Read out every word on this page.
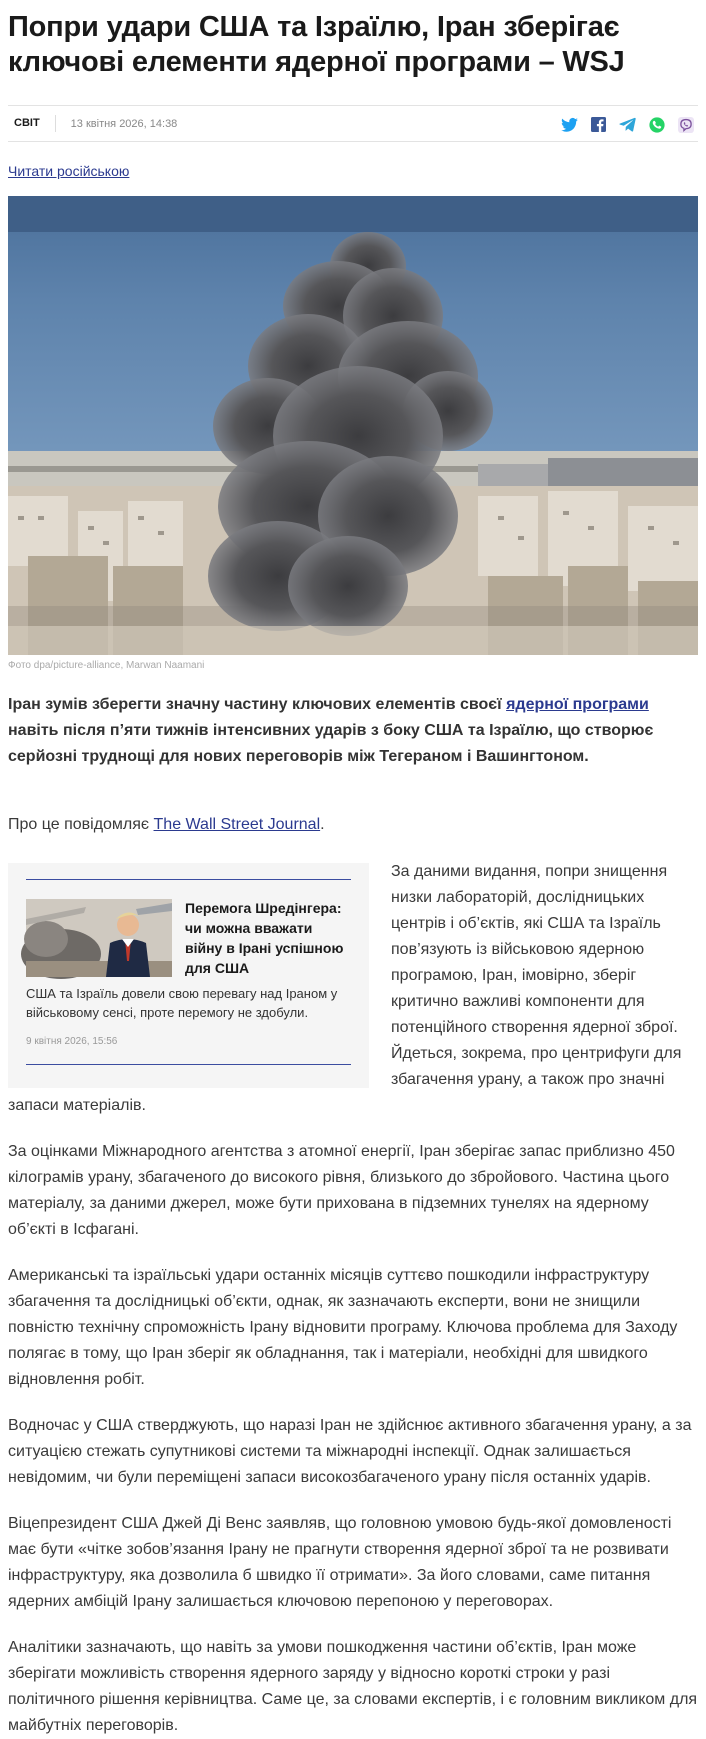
Попри удари США та Ізраїлю, Іран зберігає ключові елементи ядерної програми – WSJ
СВІТ	13 квітня 2026, 14:38
Читати російською
Фото dpa/picture-alliance, Marwan Naamani

Іран зумів зберегти значну частину ключових елементів своєї ядерної програми навіть після п’яти тижнів інтенсивних ударів з боку США та Ізраїлю, що створює серйозні труднощі для нових переговорів між Тегераном і Вашингтоном.

Про це повідомляє The Wall Street Journal.

Перемога Шредінгера: чи можна вважати війну в Ірані успішною для США
США та Ізраїль довели свою перевагу над Іраном у військовому сенсі, проте перемогу не здобули.
9 квітня 2026, 15:56

За даними видання, попри знищення низки лабораторій, дослідницьких центрів і об’єктів, які США та Ізраїль пов’язують із військовою ядерною програмою, Іран, імовірно, зберіг критично важливі компоненти для потенційного створення ядерної зброї. Йдеться, зокрема, про центрифуги для збагачення урану, а також про значні запаси матеріалів.

За оцінками Міжнародного агентства з атомної енергії, Іран зберігає запас приблизно 450 кілограмів урану, збагаченого до високого рівня, близького до збройового. Частина цього матеріалу, за даними джерел, може бути прихована в підземних тунелях на ядерному об’єкті в Ісфагані.

Американські та ізраїльські удари останніх місяців суттєво пошкодили інфраструктуру збагачення та дослідницькі об’єкти, однак, як зазначають експерти, вони не знищили повністю технічну спроможність Ірану відновити програму. Ключова проблема для Заходу полягає в тому, що Іран зберіг як обладнання, так і матеріали, необхідні для швидкого відновлення робіт.

Водночас у США стверджують, що наразі Іран не здійснює активного збагачення урану, а за ситуацією стежать супутникові системи та міжнародні інспекції. Однак залишається невідомим, чи були переміщені запаси високозбагаченого урану після останніх ударів.

Віцепрезидент США Джей Ді Венс заявляв, що головною умовою будь-якої домовленості має бути «чітке зобов’язання Ірану не прагнути створення ядерної зброї та не розвивати інфраструктуру, яка дозволила б швидко її отримати». За його словами, саме питання ядерних амбіцій Ірану залишається ключовою перепоною у переговорах.

Аналітики зазначають, що навіть за умови пошкодження частини об’єктів, Іран може зберігати можливість створення ядерного заряду у відносно короткі строки у разі політичного рішення керівництва. Саме це, за словами експертів, і є головним викликом для майбутніх переговорів.
